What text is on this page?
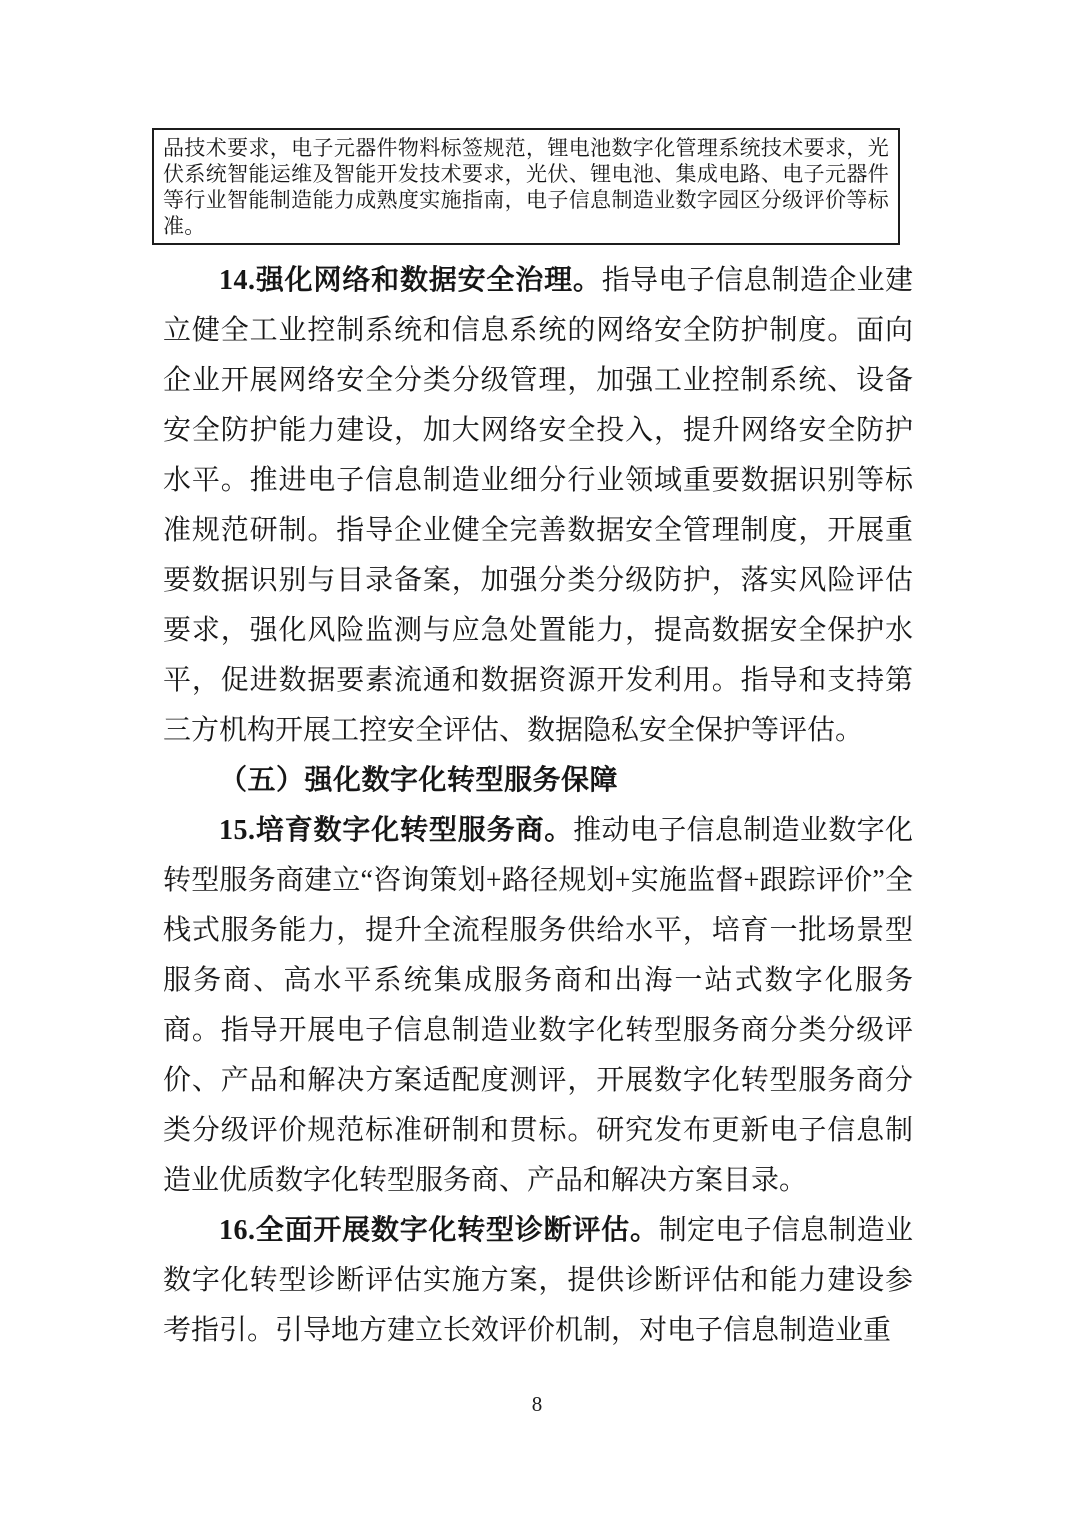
品技术要求，电子元器件物料标签规范，锂电池数字化管理系统技术要求，光伏系统智能运维及智能开发技术要求，光伏、锂电池、集成电路、电子元器件等行业智能制造能力成熟度实施指南，电子信息制造业数字园区分级评价等标准。

14.强化网络和数据安全治理。指导电子信息制造企业建立健全工业控制系统和信息系统的网络安全防护制度。面向企业开展网络安全分类分级管理，加强工业控制系统、设备安全防护能力建设，加大网络安全投入，提升网络安全防护水平。推进电子信息制造业细分行业领域重要数据识别等标准规范研制。指导企业健全完善数据安全管理制度，开展重要数据识别与目录备案，加强分类分级防护，落实风险评估要求，强化风险监测与应急处置能力，提高数据安全保护水平，促进数据要素流通和数据资源开发利用。指导和支持第三方机构开展工控安全评估、数据隐私安全保护等评估。

（五）强化数字化转型服务保障

15.培育数字化转型服务商。推动电子信息制造业数字化转型服务商建立“咨询策划+路径规划+实施监督+跟踪评价”全栈式服务能力，提升全流程服务供给水平，培育一批场景型服务商、高水平系统集成服务商和出海一站式数字化服务商。指导开展电子信息制造业数字化转型服务商分类分级评价、产品和解决方案适配度测评，开展数字化转型服务商分类分级评价规范标准研制和贯标。研究发布更新电子信息制造业优质数字化转型服务商、产品和解决方案目录。

16.全面开展数字化转型诊断评估。制定电子信息制造业数字化转型诊断评估实施方案，提供诊断评估和能力建设参考指引。引导地方建立长效评价机制，对电子信息制造业重

8
